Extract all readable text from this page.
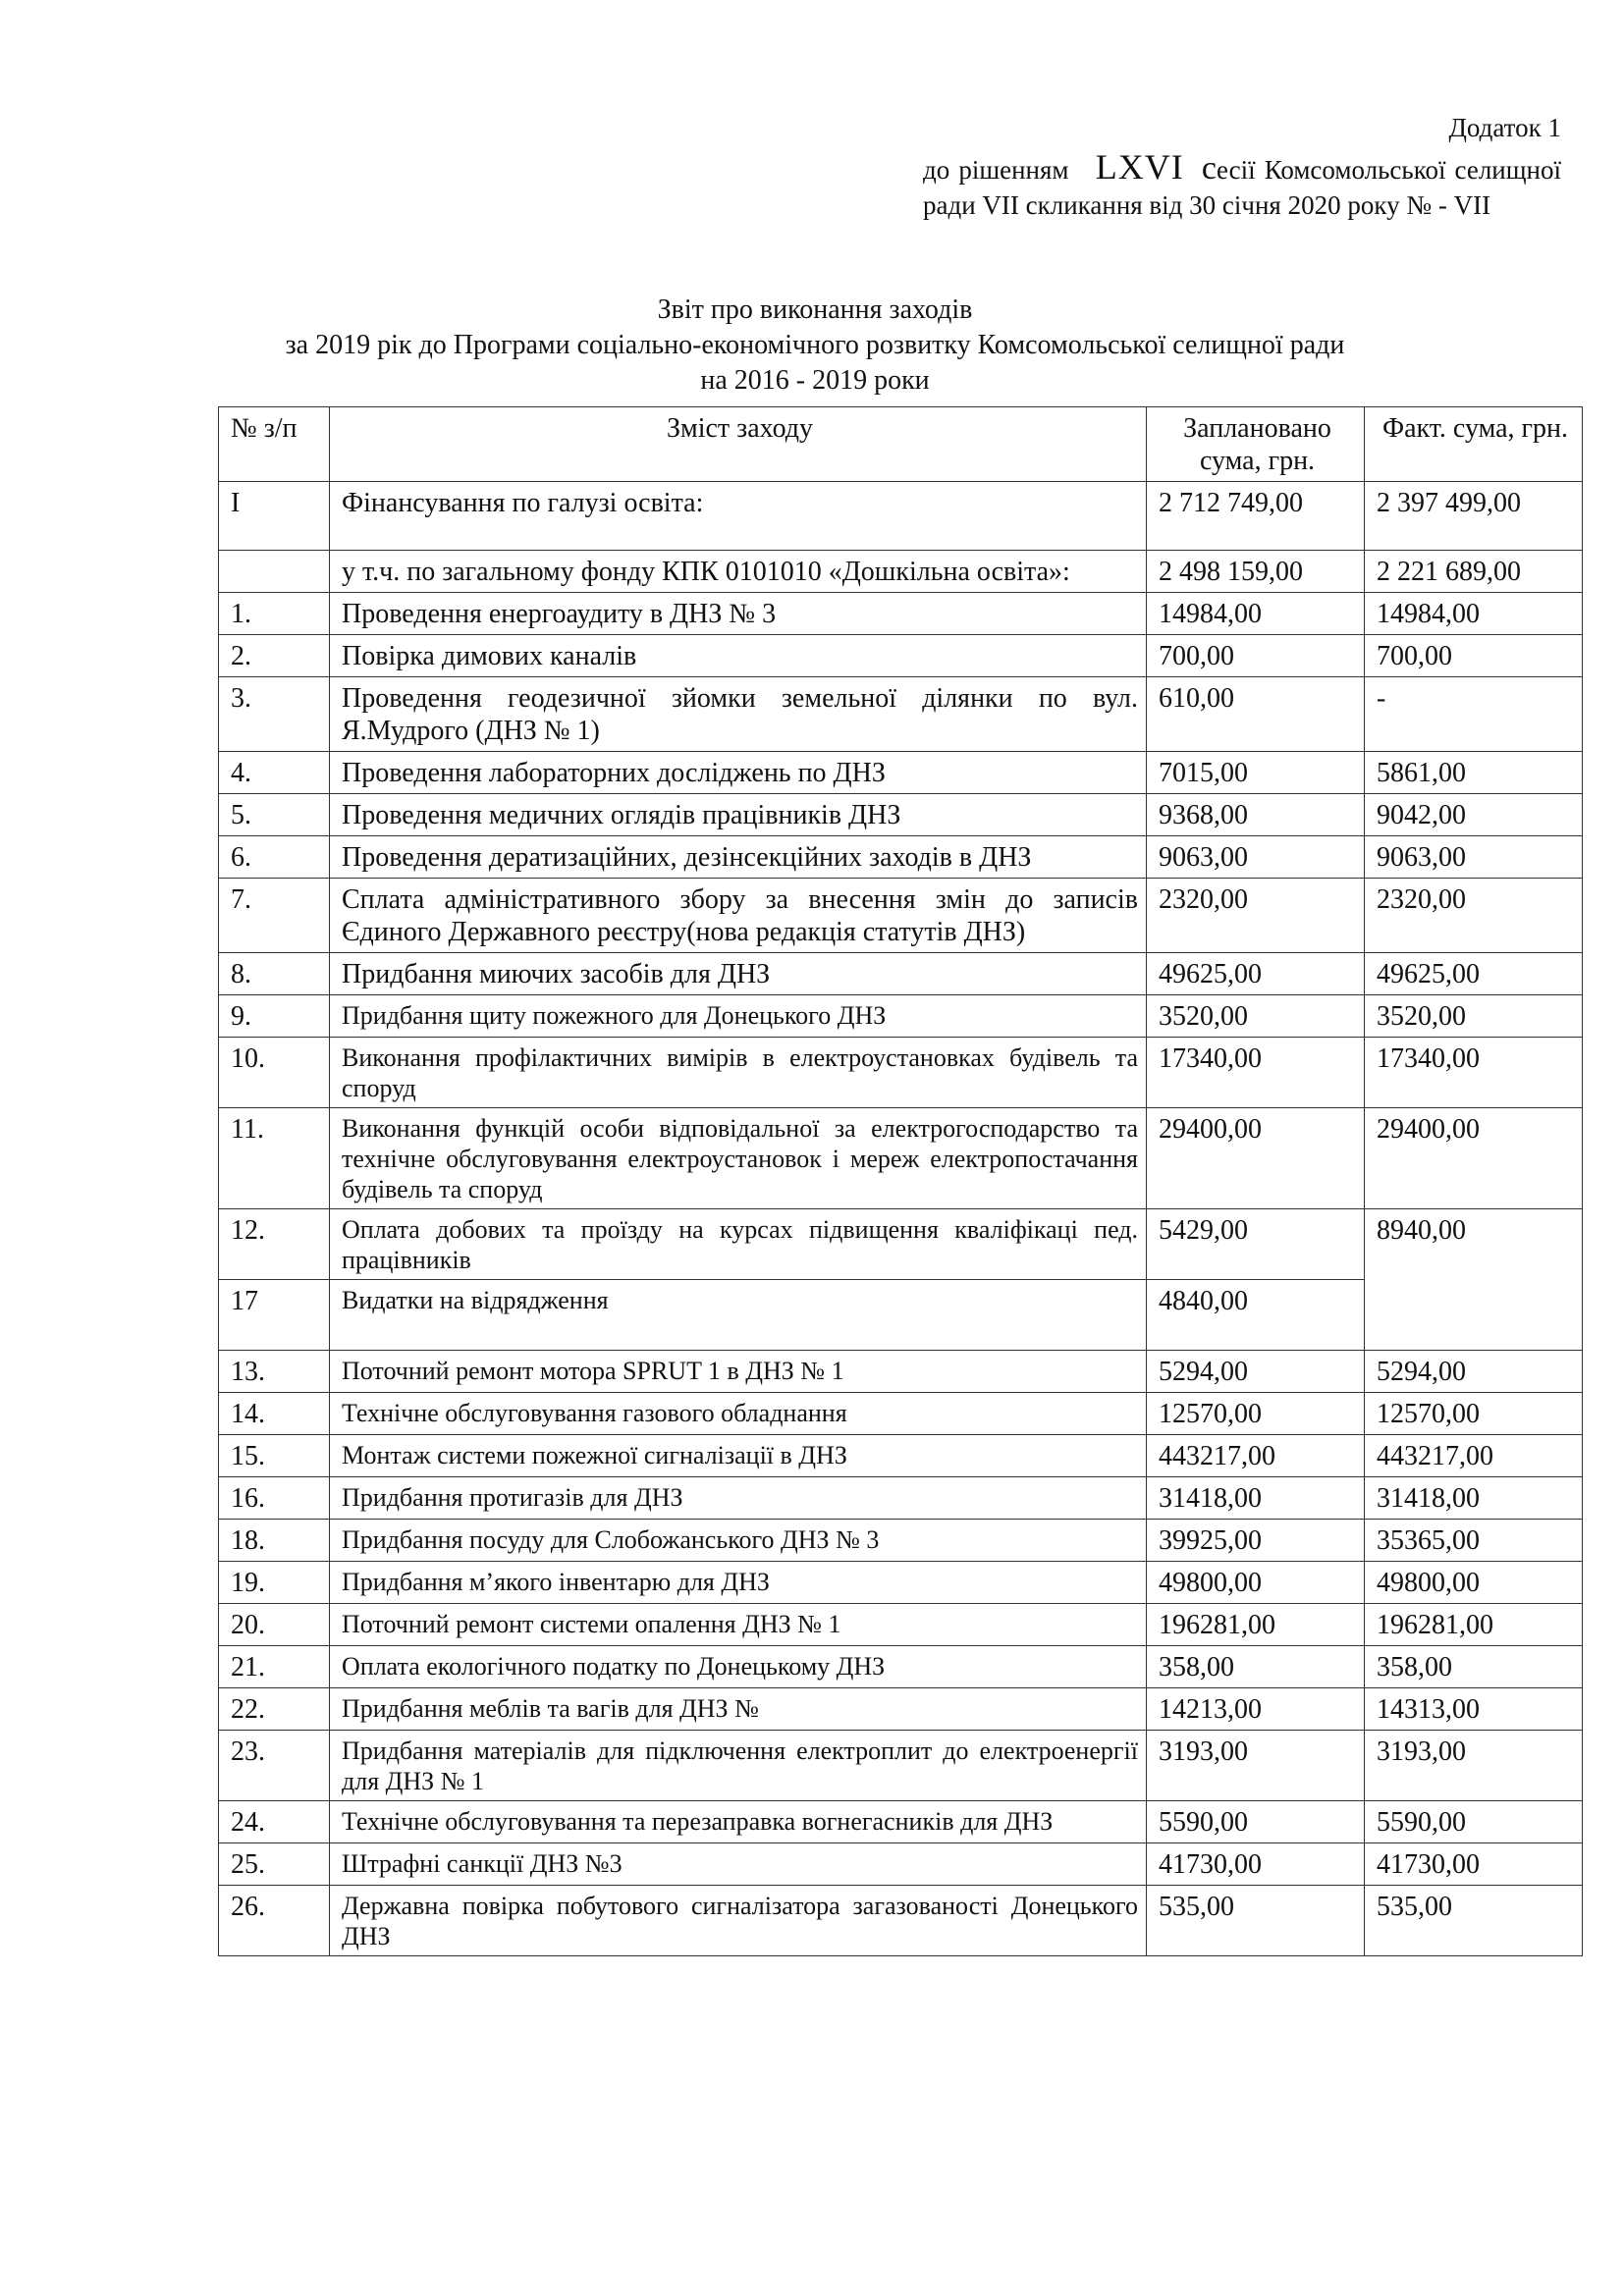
Додаток 1
до рішенням LXVI сесії Комсомольської селищної ради VII скликання від 30 січня 2020 року № - VII
Звіт про виконання заходів
за 2019 рік до Програми соціально-економічного розвитку Комсомольської селищної ради
на 2016 - 2019 роки
№ з/п	Зміст заходу	Заплановано сума, грн.	Факт. сума, грн.
I	Фінансування по галузі освіта:	2 712 749,00	2 397 499,00
	у т.ч. по загальному фонду КПК 0101010 «Дошкільна освіта»:	2 498 159,00	2 221 689,00
1.	Проведення енергоаудиту в ДНЗ № 3	14984,00	14984,00
2.	Повірка димових каналів	700,00	700,00
3.	Проведення геодезичної зйомки земельної ділянки по вул. Я.Мудрого (ДНЗ № 1)	610,00	-
4.	Проведення лабораторних досліджень по ДНЗ	7015,00	5861,00
5.	Проведення медичних оглядів працівників ДНЗ	9368,00	9042,00
6.	Проведення дератизаційних, дезінсекційних заходів в ДНЗ	9063,00	9063,00
7.	Сплата адміністративного збору за внесення змін до записів Єдиного Державного реєстру(нова редакція статутів ДНЗ)	2320,00	2320,00
8.	Придбання миючих засобів для ДНЗ	49625,00	49625,00
9.	Придбання щиту пожежного для Донецького ДНЗ	3520,00	3520,00
10.	Виконання профілактичних вимірів в електроустановках будівель та споруд	17340,00	17340,00
11.	Виконання функцій особи відповідальної за електрогосподарство та технічне обслуговування електроустановок і мереж електропостачання будівель та споруд	29400,00	29400,00
12.	Оплата добових та проїзду на курсах підвищення кваліфікаці пед. працівників	5429,00	8940,00
17	Видатки на відрядження	4840,00	
13.	Поточний ремонт мотора SPRUT 1 в ДНЗ № 1	5294,00	5294,00
14.	Технічне обслуговування газового обладнання	12570,00	12570,00
15.	Монтаж системи пожежної сигналізації в ДНЗ	443217,00	443217,00
16.	Придбання протигазів для ДНЗ	31418,00	31418,00
18.	Придбання посуду для Слобожанського ДНЗ № 3	39925,00	35365,00
19.	Придбання м’якого інвентарю для ДНЗ	49800,00	49800,00
20.	Поточний ремонт системи опалення ДНЗ № 1	196281,00	196281,00
21.	Оплата екологічного податку по Донецькому ДНЗ	358,00	358,00
22.	Придбання меблів та вагів для ДНЗ №	14213,00	14313,00
23.	Придбання матеріалів для підключення електроплит до електроенергії для ДНЗ № 1	3193,00	3193,00
24.	Технічне обслуговування та перезаправка вогнегасників для ДНЗ	5590,00	5590,00
25.	Штрафні санкції ДНЗ №3	41730,00	41730,00
26.	Державна повірка побутового сигналізатора загазованості Донецького ДНЗ	535,00	535,00
